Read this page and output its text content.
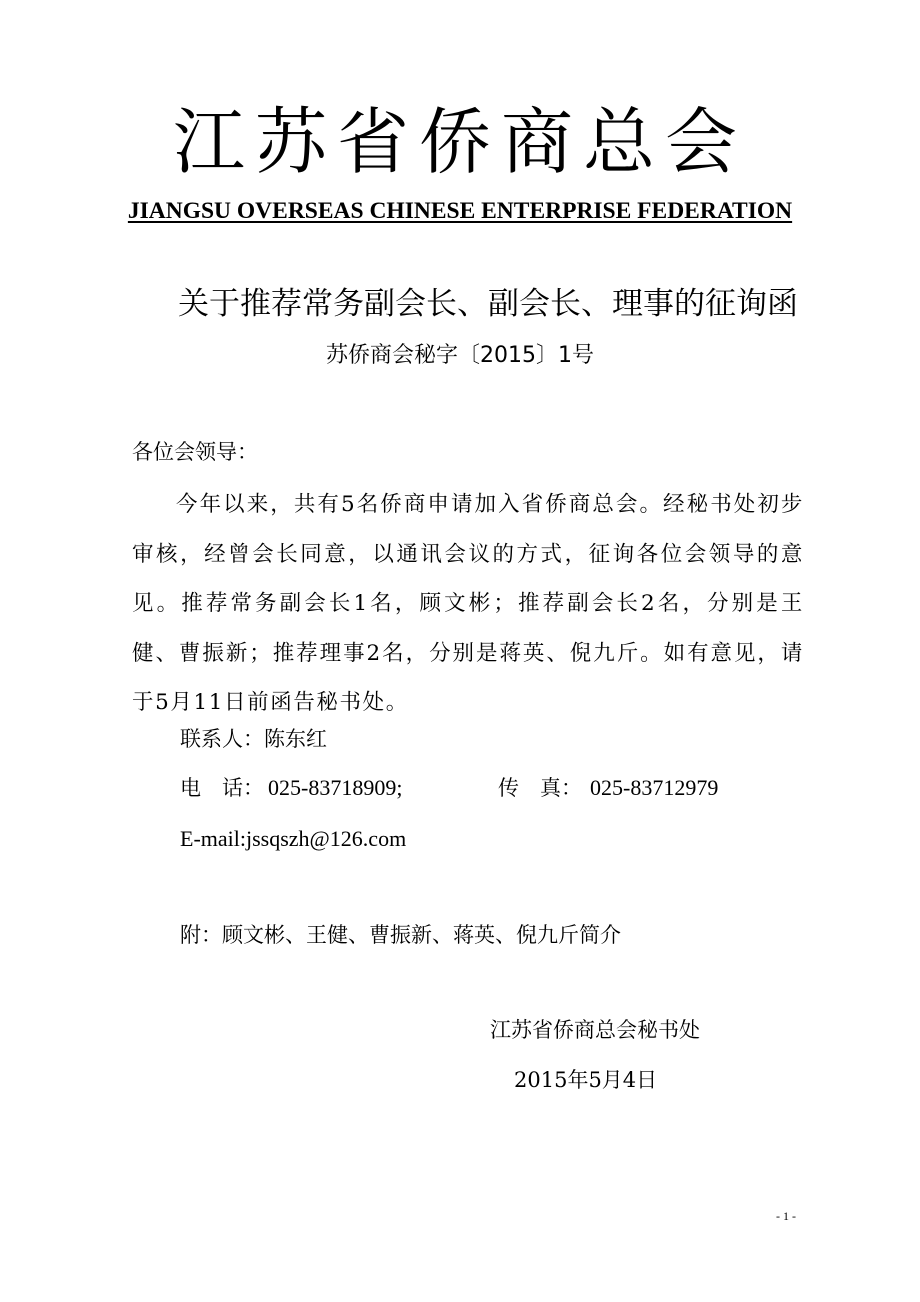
江苏省侨商总会
JIANGSU OVERSEAS CHINESE ENTERPRISE FEDERATION
关于推荐常务副会长、副会长、理事的征询函
苏侨商会秘字〔2015〕1号
各位会领导：
今年以来，共有5名侨商申请加入省侨商总会。经秘书处初步审核，经曾会长同意，以通讯会议的方式，征询各位会领导的意见。推荐常务副会长1名，顾文彬；推荐副会长2名，分别是王健、曹振新；推荐理事2名，分别是蒋英、倪九斤。如有意见，请于5月11日前函告秘书处。
联系人：陈东红
电　话： 025-83718909;	传　真： 025-83712979
E-mail:jssqszh@126.com
附：顾文彬、王健、曹振新、蒋英、倪九斤简介
江苏省侨商总会秘书处
2015年5月4日
- 1 -
